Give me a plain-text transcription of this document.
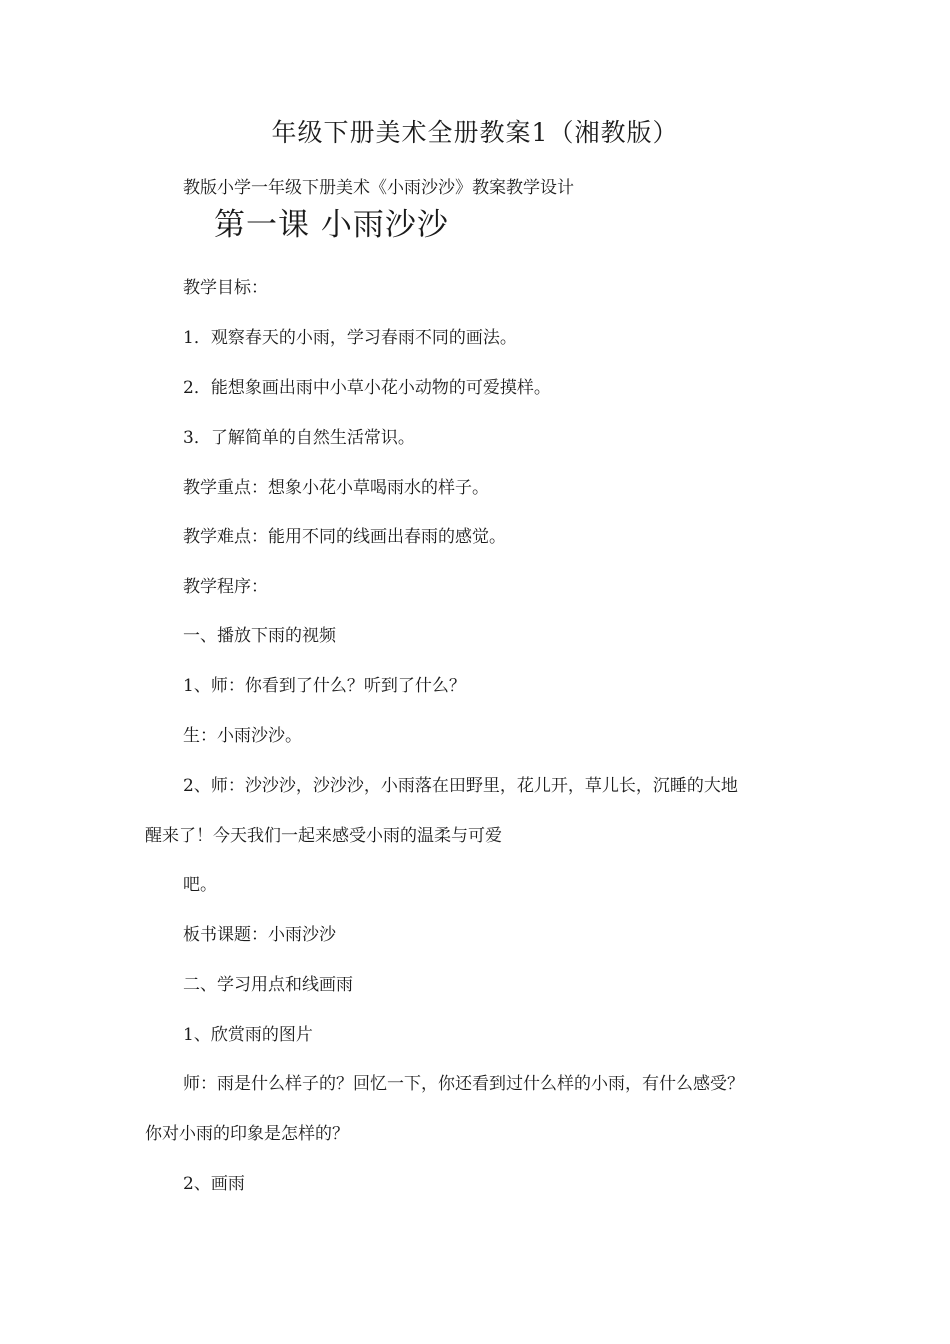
年级下册美术全册教案1（湘教版）
教版小学一年级下册美术《小雨沙沙》教案教学设计
第一课 小雨沙沙
教学目标：
1．观察春天的小雨，学习春雨不同的画法。
2．能想象画出雨中小草小花小动物的可爱摸样。
3．了解简单的自然生活常识。
教学重点：想象小花小草喝雨水的样子。
教学难点：能用不同的线画出春雨的感觉。
教学程序：
一、播放下雨的视频
1、师：你看到了什么？听到了什么？
生：小雨沙沙。
2、师：沙沙沙，沙沙沙，小雨落在田野里，花儿开，草儿长，沉睡的大地
醒来了！今天我们一起来感受小雨的温柔与可爱
吧。
板书课题：小雨沙沙
二、学习用点和线画雨
1、欣赏雨的图片
师：雨是什么样子的？回忆一下，你还看到过什么样的小雨，有什么感受？
你对小雨的印象是怎样的？
2、画雨
